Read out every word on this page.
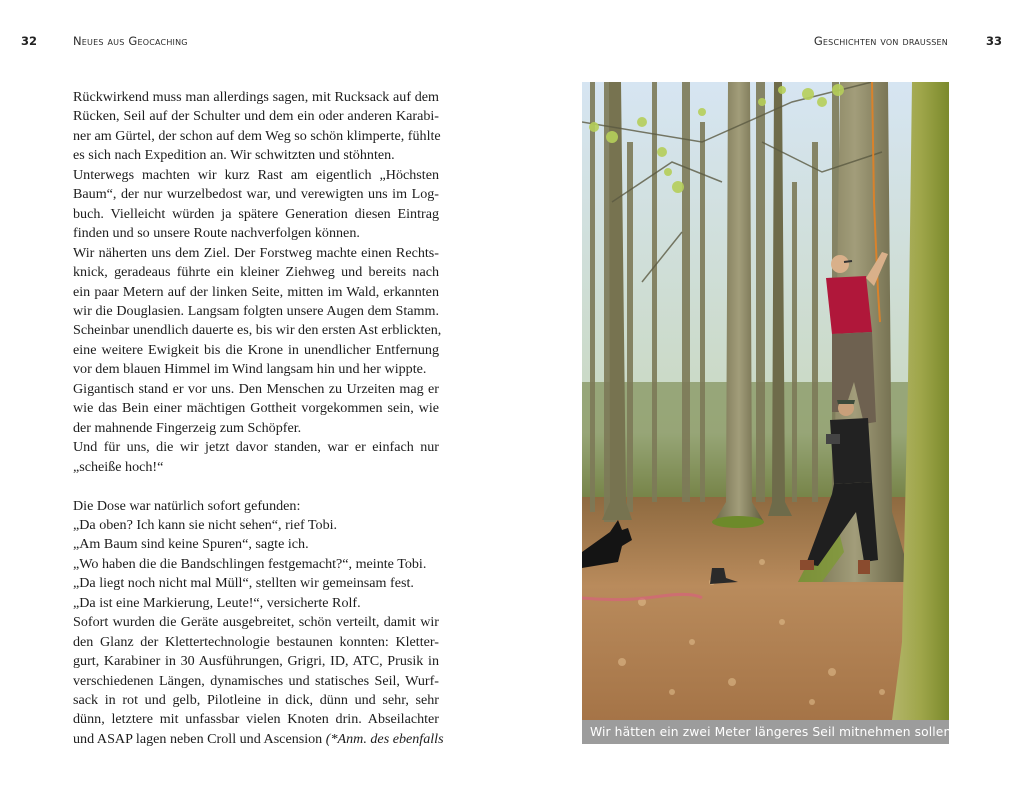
32	Neues aus Geocaching
Rückwirkend muss man allerdings sagen, mit Rucksack auf dem
Rücken, Seil auf der Schulter und dem ein oder anderen Karabi-
ner am Gürtel, der schon auf dem Weg so schön klimperte, fühlte
es sich nach Expedition an. Wir schwitzten und stöhnten.
Unterwegs machten wir kurz Rast am eigentlich „Höchsten
Baum“, der nur wurzelbedost war, und verewigten uns im Log-
buch. Vielleicht würden ja spätere Generation diesen Eintrag
finden und so unsere Route nachverfolgen können.
Wir näherten uns dem Ziel. Der Forstweg machte einen Rechts-
knick, geradeaus führte ein kleiner Ziehweg und bereits nach
ein paar Metern auf der linken Seite, mitten im Wald, erkannten
wir die Douglasien. Langsam folgten unsere Augen dem Stamm.
Scheinbar unendlich dauerte es, bis wir den ersten Ast erblickten,
eine weitere Ewigkeit bis die Krone in unendlicher Entfernung
vor dem blauen Himmel im Wind langsam hin und her wippte.
Gigantisch stand er vor uns. Den Menschen zu Urzeiten mag er
wie das Bein einer mächtigen Gottheit vorgekommen sein, wie
der mahnende Fingerzeig zum Schöpfer.
Und für uns, die wir jetzt davor standen, war er einfach nur
„scheiße hoch!“
Die Dose war natürlich sofort gefunden:
„Da oben? Ich kann sie nicht sehen“, rief Tobi.
„Am Baum sind keine Spuren“, sagte ich.
„Wo haben die die Bandschlingen festgemacht?“, meinte Tobi.
„Da liegt noch nicht mal Müll“, stellten wir gemeinsam fest.
„Da ist eine Markierung, Leute!“, versicherte Rolf.
Sofort wurden die Geräte ausgebreitet, schön verteilt, damit wir
den Glanz der Klettertechnologie bestaunen konnten: Kletter-
gurt, Karabiner in 30 Ausführungen, Grigri, ID, ATC, Prusik in
verschiedenen Längen, dynamisches und statisches Seil, Wurf-
sack in rot und gelb, Pilotleine in dick, dünn und sehr, sehr
dünn, letztere mit unfassbar vielen Knoten drin. Abseilachter
und ASAP lagen neben Croll und Ascension (*Anm. des ebenfalls
Geschichten von draussen	33
Wir hätten ein zwei Meter längeres Seil mitnehmen sollen!
